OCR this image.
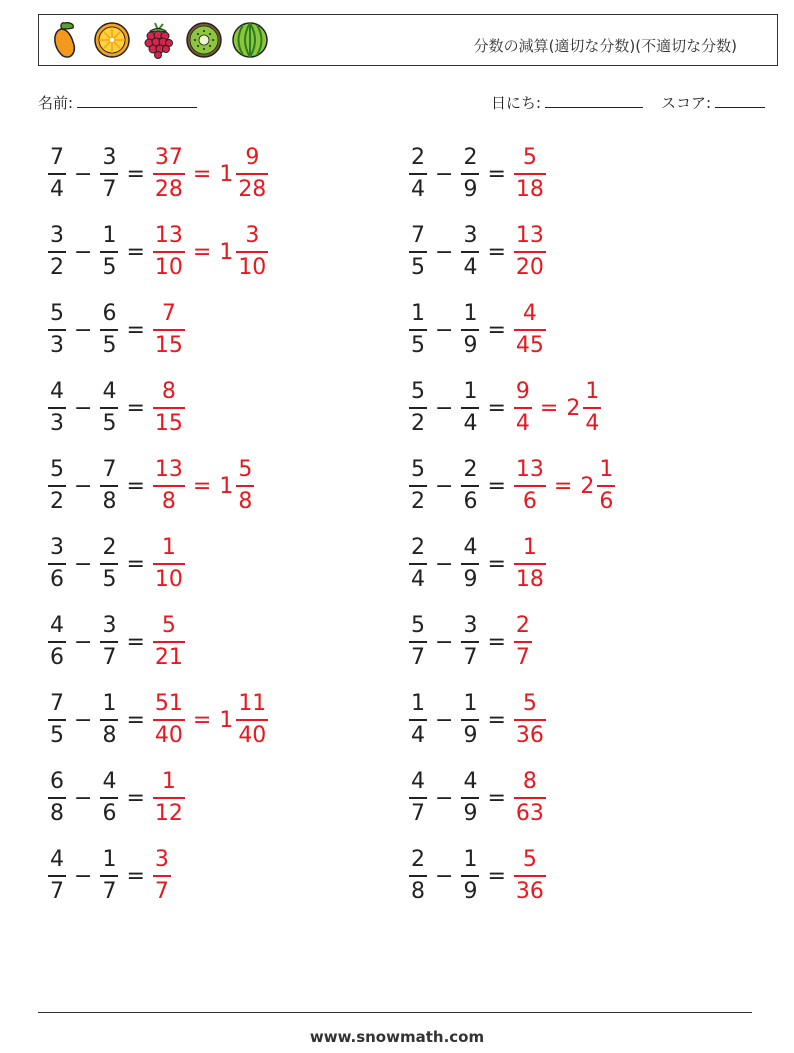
分数の減算(適切な分数)(不適切な分数)
名前:	日にち:	スコア:
$\frac{7}{4} - \frac{3}{7} = \frac{37}{28} = 1 \frac{9}{28}$	$\frac{2}{4} - \frac{2}{9} = \frac{5}{18}$
$\frac{3}{2} - \frac{1}{5} = \frac{13}{10} = 1 \frac{3}{10}$	$\frac{7}{5} - \frac{3}{4} = \frac{13}{20}$
$\frac{5}{3} - \frac{6}{5} = \frac{7}{15}$	$\frac{1}{5} - \frac{1}{9} = \frac{4}{45}$
$\frac{4}{3} - \frac{4}{5} = \frac{8}{15}$	$\frac{5}{2} - \frac{1}{4} = \frac{9}{4} = 2 \frac{1}{4}$
$\frac{5}{2} - \frac{7}{8} = \frac{13}{8} = 1 \frac{5}{8}$	$\frac{5}{2} - \frac{2}{6} = \frac{13}{6} = 2 \frac{1}{6}$
$\frac{3}{6} - \frac{2}{5} = \frac{1}{10}$	$\frac{2}{4} - \frac{4}{9} = \frac{1}{18}$
$\frac{4}{6} - \frac{3}{7} = \frac{5}{21}$	$\frac{5}{7} - \frac{3}{7} = \frac{2}{7}$
$\frac{7}{5} - \frac{1}{8} = \frac{51}{40} = 1 \frac{11}{40}$	$\frac{1}{4} - \frac{1}{9} = \frac{5}{36}$
$\frac{6}{8} - \frac{4}{6} = \frac{1}{12}$	$\frac{4}{7} - \frac{4}{9} = \frac{8}{63}$
$\frac{4}{7} - \frac{1}{7} = \frac{3}{7}$	$\frac{2}{8} - \frac{1}{9} = \frac{5}{36}$
www.snowmath.com
